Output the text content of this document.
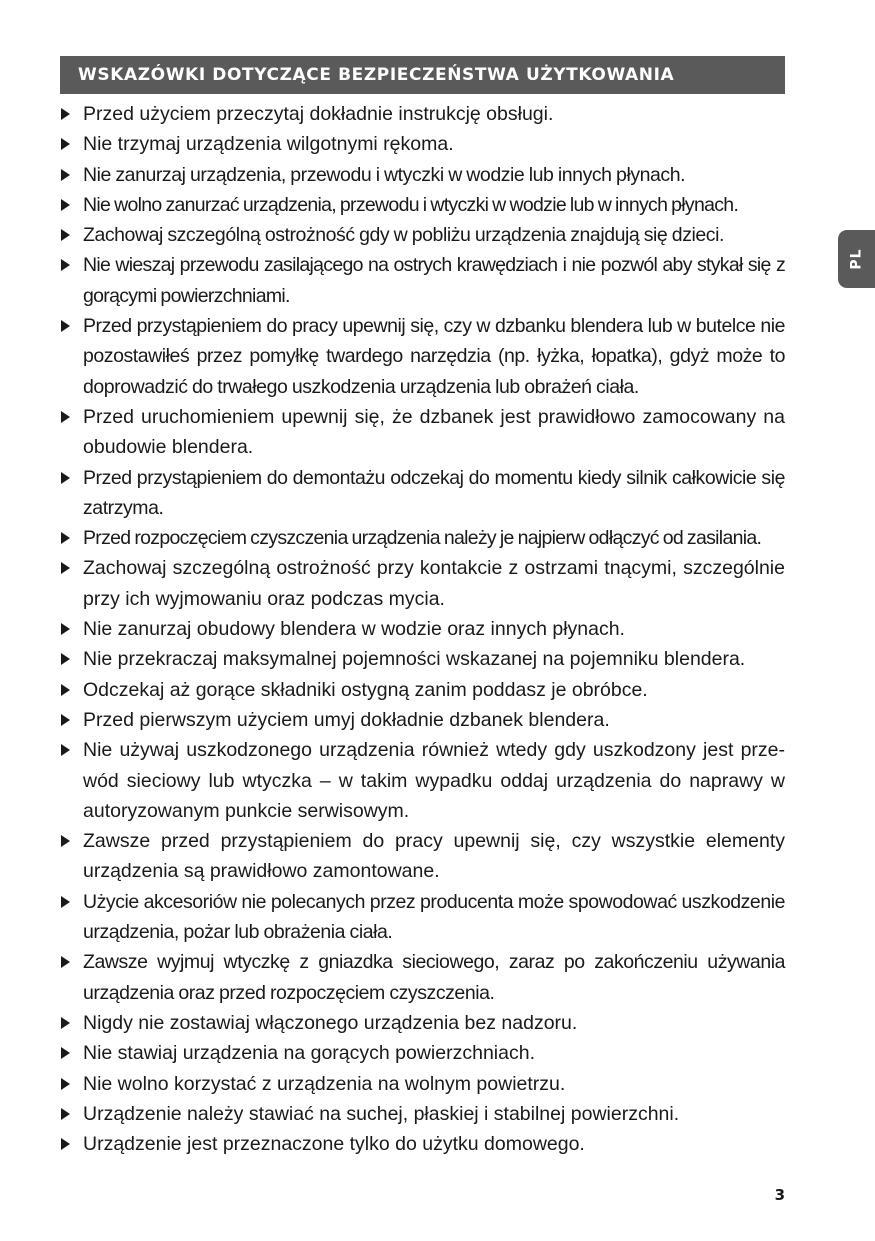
WSKAZÓWKI DOTYCZĄCE BEZPIECZEŃSTWA UŻYTKOWANIA
PL
Przed użyciem przeczytaj dokładnie instrukcję obsługi.
Nie trzymaj urządzenia wilgotnymi rękoma.
Nie zanurzaj urządzenia, przewodu i wtyczki w wodzie lub innych płynach.
Nie wolno zanurzać urządzenia, przewodu i wtyczki w wodzie lub w innych płynach.
Zachowaj szczególną ostrożność gdy w pobliżu urządzenia znajdują się dzieci.
Nie wieszaj przewodu zasilającego na ostrych krawędziach i nie pozwól aby stykał się z gorącymi powierzchniami.
Przed przystąpieniem do pracy upewnij się, czy w dzbanku blendera lub w butelce nie pozostawiłeś przez pomyłkę twardego narzędzia (np. łyżka, łopatka), gdyż może to doprowadzić do trwałego uszkodzenia urządzenia lub obrażeń ciała.
Przed uruchomieniem upewnij się, że dzbanek jest prawidłowo zamocowany na obudowie blendera.
Przed przystąpieniem do demontażu odczekaj do momentu kiedy silnik całkowicie się zatrzyma.
Przed rozpoczęciem czyszczenia urządzenia należy je najpierw odłączyć od zasilania.
Zachowaj szczególną ostrożność przy kontakcie z ostrzami tnącymi, szczególnie przy ich wyjmowaniu oraz podczas mycia.
Nie zanurzaj obudowy blendera w wodzie oraz innych płynach.
Nie przekraczaj maksymalnej pojemności wskazanej na pojemniku blendera.
Odczekaj aż gorące składniki ostygną zanim poddasz je obróbce.
Przed pierwszym użyciem umyj dokładnie dzbanek blendera.
Nie używaj uszkodzonego urządzenia również wtedy gdy uszkodzony jest przewód sieciowy lub wtyczka – w takim wypadku oddaj urządzenia do naprawy w autoryzowanym punkcie serwisowym.
Zawsze przed przystąpieniem do pracy upewnij się, czy wszystkie elementy urządzenia są prawidłowo zamontowane.
Użycie akcesoriów nie polecanych przez producenta może spowodować uszkodzenie urządzenia, pożar lub obrażenia ciała.
Zawsze wyjmuj wtyczkę z gniazdka sieciowego, zaraz po zakończeniu używania urządzenia oraz przed rozpoczęciem czyszczenia.
Nigdy nie zostawiaj włączonego urządzenia bez nadzoru.
Nie stawiaj urządzenia na gorących powierzchniach.
Nie wolno korzystać z urządzenia na wolnym powietrzu.
Urządzenie należy stawiać na suchej, płaskiej i stabilnej powierzchni.
Urządzenie jest przeznaczone tylko do użytku domowego.
3
